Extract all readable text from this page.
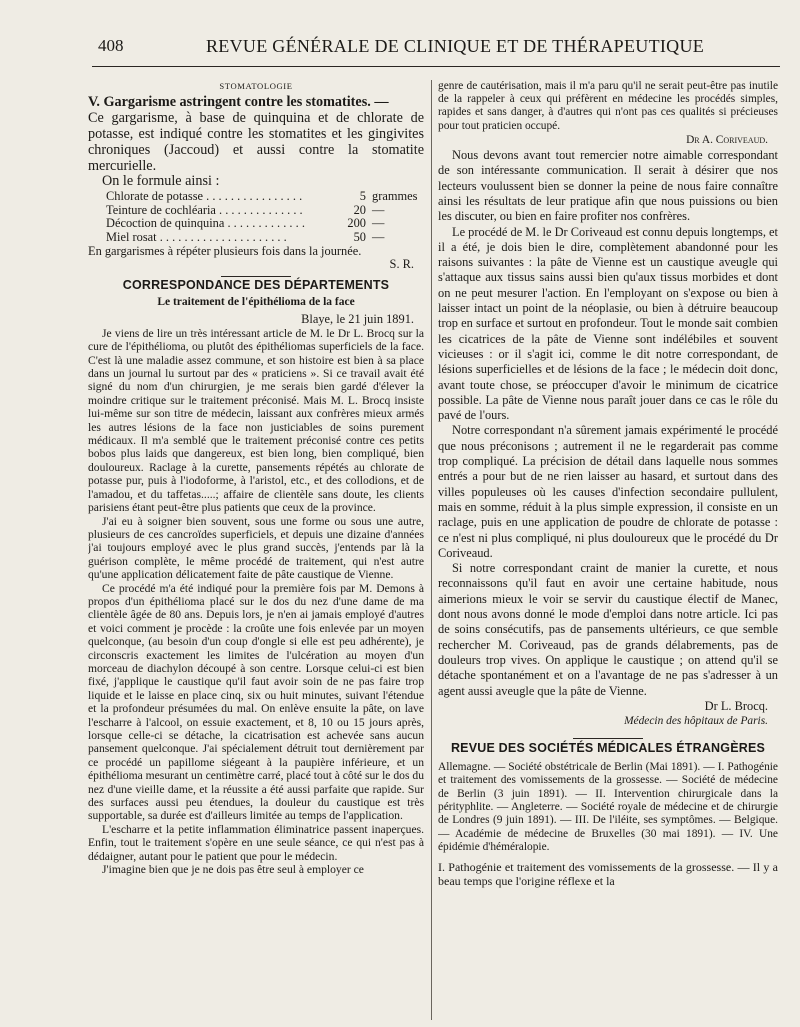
408	REVUE GÉNÉRALE DE CLINIQUE ET DE THÉRAPEUTIQUE

STOMATOLOGIE

V. Gargarisme astringent contre les stomatites. —

Ce gargarisme, à base de quinquina et de chlorate de potasse, est indiqué contre les stomatites et les gingivites chroniques (Jaccoud) et aussi contre la stomatite mercurielle.

On le formule ainsi :

Chlorate de potasse . . .	5 grammes
Teinture de cochléaria . . .	20 —
Décoction de quinquina . . .	200 —
Miel rosat . . .	50 —

En gargarismes à répéter plusieurs fois dans la journée.

S. R.

CORRESPONDANCE DES DÉPARTEMENTS

Le traitement de l'épithélioma de la face

Blaye, le 21 juin 1891.

Je viens de lire un très intéressant article de M. le Dr L. Brocq sur la cure de l'épithélioma, ou plutôt des épithéliomas superficiels de la face. C'est là une maladie assez commune, et son histoire est bien à sa place dans un journal lu surtout par des « praticiens ». Si ce travail avait été signé du nom d'un chirurgien, je me serais bien gardé d'élever la moindre critique sur le traitement préconisé. Mais M. L. Brocq insiste lui-même sur son titre de médecin, laissant aux confrères mieux armés les autres lésions de la face non justiciables de soins purement médicaux. Il m'a semblé que le traitement préconisé contre ces petits bobos plus laids que dangereux, est bien long, bien compliqué, bien douloureux. Raclage à la curette, pansements répétés au chlorate de potasse pur, puis à l'iodoforme, à l'aristol, etc., et des collodions, et de l'amadou, et du taffetas.....; affaire de clientèle sans doute, les clients parisiens étant peut-être plus patients que ceux de la province.

J'ai eu à soigner bien souvent, sous une forme ou sous une autre, plusieurs de ces cancroïdes superficiels, et depuis une dizaine d'années j'ai toujours employé avec le plus grand succès, j'entends par là la guérison complète, le même procédé de traitement, qui n'est autre qu'une application délicatement faite de pâte caustique de Vienne.

Ce procédé m'a été indiqué pour la première fois par M. Demons à propos d'un épithélioma placé sur le dos du nez d'une dame de ma clientèle âgée de 80 ans. Depuis lors, je n'en ai jamais employé d'autres et voici comment je procède : la croûte une fois enlevée par un moyen quelconque, (au besoin d'un coup d'ongle si elle est peu adhérente), je circonscris exactement les limites de l'ulcération au moyen d'un morceau de diachylon découpé à son centre. Lorsque celui-ci est bien fixé, j'applique le caustique qu'il faut avoir soin de ne pas faire trop liquide et le laisse en place cinq, six ou huit minutes, suivant l'étendue et la profondeur présumées du mal. On enlève ensuite la pâte, on lave l'escharre à l'alcool, on essuie exactement, et 8, 10 ou 15 jours après, lorsque celle-ci se détache, la cicatrisation est achevée sans aucun pansement quelconque. J'ai spécialement détruit tout dernièrement par ce procédé un papillome siégeant à la paupière inférieure, et un épithélioma mesurant un centimètre carré, placé tout à côté sur le dos du nez d'une vieille dame, et la réussite a été aussi parfaite que rapide. Sur des surfaces aussi peu étendues, la douleur du caustique est très supportable, sa durée est d'ailleurs limitée au temps de l'application.

L'escharre et la petite inflammation éliminatrice passent inaperçues. Enfin, tout le traitement s'opère en une seule séance, ce qui n'est pas à dédaigner, autant pour le patient que pour le médecin.

J'imagine bien que je ne dois pas être seul à employer ce

genre de cautérisation, mais il m'a paru qu'il ne serait peut-être pas inutile de la rappeler à ceux qui préfèrent en médecine les procédés simples, rapides et sans danger, à d'autres qui n'ont pas ces qualités si précieuses pour tout praticien occupé.

Dr A. Coriveaud.

Nous devons avant tout remercier notre aimable correspondant de son intéressante communication. Il serait à désirer que nos lecteurs voulussent bien se donner la peine de nous faire connaître ainsi les résultats de leur pratique afin que nous puissions ou bien les discuter, ou bien en faire profiter nos confrères.

Le procédé de M. le Dr Coriveaud est connu depuis longtemps, et il a été, je dois bien le dire, complètement abandonné pour les raisons suivantes : la pâte de Vienne est un caustique aveugle qui s'attaque aux tissus sains aussi bien qu'aux tissus morbides et dont on ne peut mesurer l'action. En l'employant on s'expose ou bien à laisser intact un point de la néoplasie, ou bien à détruire beaucoup trop en surface et surtout en profondeur. Tout le monde sait combien les cicatrices de la pâte de Vienne sont indélébiles et souvent vicieuses : or il s'agit ici, comme le dit notre correspondant, de lésions superficielles et de lésions de la face ; le médecin doit donc, avant toute chose, se préoccuper d'avoir le minimum de cicatrice possible. La pâte de Vienne nous paraît jouer dans ce cas le rôle du pavé de l'ours.

Notre correspondant n'a sûrement jamais expérimenté le procédé que nous préconisons ; autrement il ne le regarderait pas comme trop compliqué. La précision de détail dans laquelle nous sommes entrés a pour but de ne rien laisser au hasard, et surtout dans des villes populeuses où les causes d'infection secondaire pullulent, mais en somme, réduit à la plus simple expression, il consiste en un raclage, puis en une application de poudre de chlorate de potasse : ce n'est ni plus compliqué, ni plus douloureux que le procédé du Dr Coriveaud.

Si notre correspondant craint de manier la curette, et nous reconnaissons qu'il faut en avoir une certaine habitude, nous aimerions mieux le voir se servir du caustique électif de Manec, dont nous avons donné le mode d'emploi dans notre article. Ici pas de soins consécutifs, pas de pansements ultérieurs, ce que semble rechercher M. Coriveaud, pas de grands délabrements, pas de douleurs trop vives. On applique le caustique ; on attend qu'il se détache spontanément et on a l'avantage de ne pas s'adresser à un agent aussi aveugle que la pâte de Vienne.

Dr L. Brocq.

Médecin des hôpitaux de Paris.

REVUE DES SOCIÉTÉS MÉDICALES ÉTRANGÈRES

Allemagne. — Société obstétricale de Berlin (Mai 1891). — I. Pathogénie et traitement des vomissements de la grossesse. — Société de médecine de Berlin (3 juin 1891). — II. Intervention chirurgicale dans la pérityphlite. — Angleterre. — Société royale de médecine et de chirurgie de Londres (9 juin 1891). — III. De l'iléite, ses symptômes. — Belgique. — Académie de médecine de Bruxelles (30 mai 1891). — IV. Une épidémie d'héméralopie.

I. Pathogénie et traitement des vomissements de la grossesse. — Il y a beau temps que l'origine réflexe et la
